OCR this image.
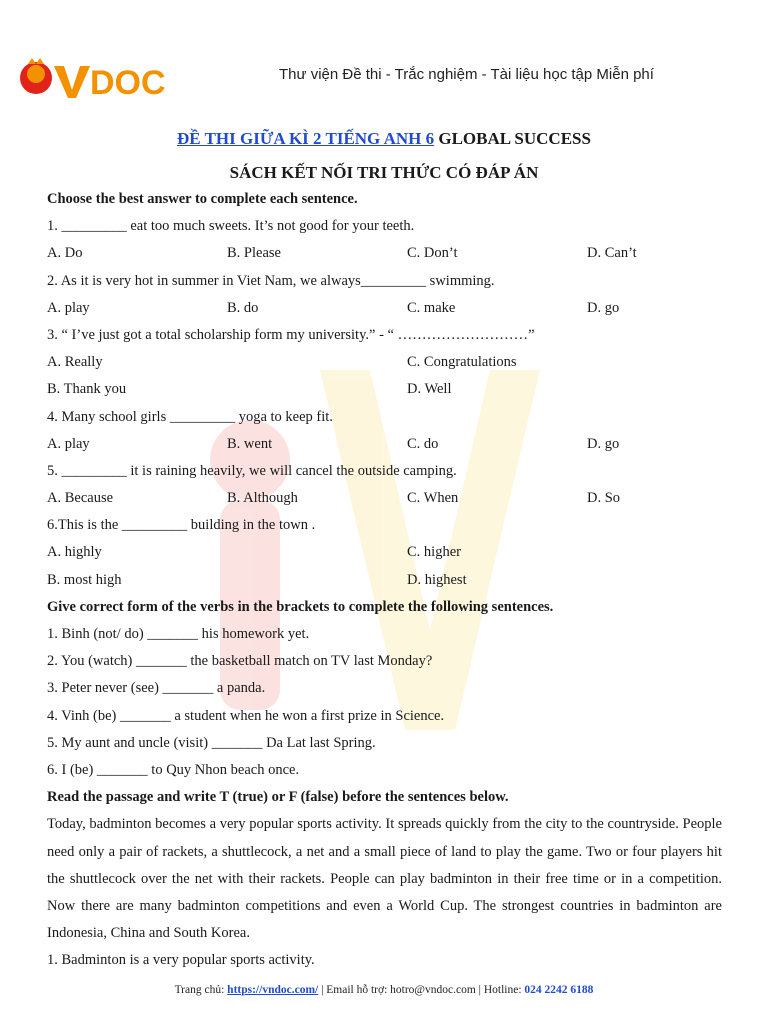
DOC	Thư viện Đề thi - Trắc nghiệm - Tài liệu học tập Miễn phí
ĐỀ THI GIỮA KÌ 2 TIẾNG ANH 6 GLOBAL SUCCESS
SÁCH KẾT NỐI TRI THỨC CÓ ĐÁP ÁN
Choose the best answer to complete each sentence.
1. _________ eat too much sweets. It’s not good for your teeth.
A. Do	B. Please	C. Don’t	D. Can’t
2. As it is very hot in summer in Viet Nam, we always_________ swimming.
A. play	B. do	C. make	D. go
3. “ I’ve just got a total scholarship form my university.” - “ ………………………”
A. Really	C. Congratulations
B. Thank you	D. Well
4. Many school girls _________ yoga to keep fit.
A. play	B. went	C. do	D. go
5. _________ it is raining heavily, we will cancel the outside camping.
A. Because	B. Although	C. When	D. So
6.This is the _________ building in the town .
A. highly	C. higher
B. most high	D. highest
Give correct form of the verbs in the brackets to complete the following sentences.
1. Binh (not/ do) _______ his homework yet.
2. You (watch) _______ the basketball match on TV last Monday?
3. Peter never (see) _______ a panda.
4. Vinh (be) _______ a student when he won a first prize in Science.
5. My aunt and uncle (visit) _______ Da Lat last Spring.
6. I (be) _______ to Quy Nhon beach once.
Read the passage and write T (true) or F (false) before the sentences below.
Today, badminton becomes a very popular sports activity. It spreads quickly from the city to the countryside. People need only a pair of rackets, a shuttlecock, a net and a small piece of land to play the game. Two or four players hit the shuttlecock over the net with their rackets. People can play badminton in their free time or in a competition. Now there are many badminton competitions and even a World Cup. The strongest countries in badminton are Indonesia, China and South Korea.
1. Badminton is a very popular sports activity.
Trang chủ: https://vndoc.com/ | Email hỗ trợ: hotro@vndoc.com | Hotline: 024 2242 6188
